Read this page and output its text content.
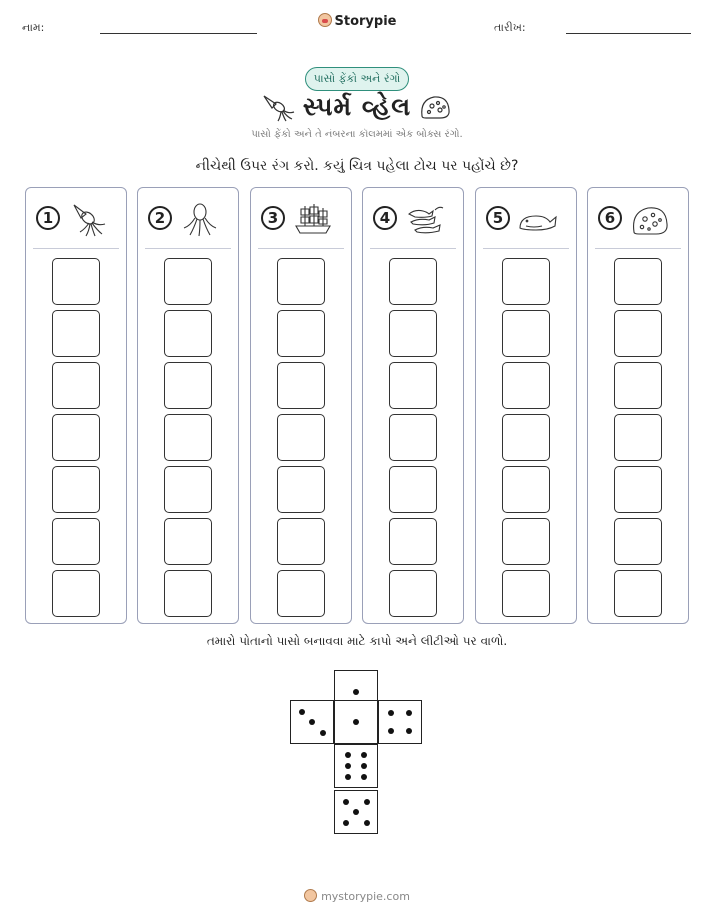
નામ:	Storypie	તારીખ:
પાસો ફેંકો અને રંગો
સ્પર્મ વ્હેલ
પાસો ફેંકો અને તે નંબરના કૉલમમાં એક બોક્સ રંગો.
નીચેથી ઉપર રંગ કરો. કયું ચિત્ર પહેલા ટોચ પર પહોંચે છે?
1	2	3	4	5	6
તમારો પોતાનો પાસો બનાવવા માટે કાપો અને લીટીઓ પર વાળો.
mystorypie.com
